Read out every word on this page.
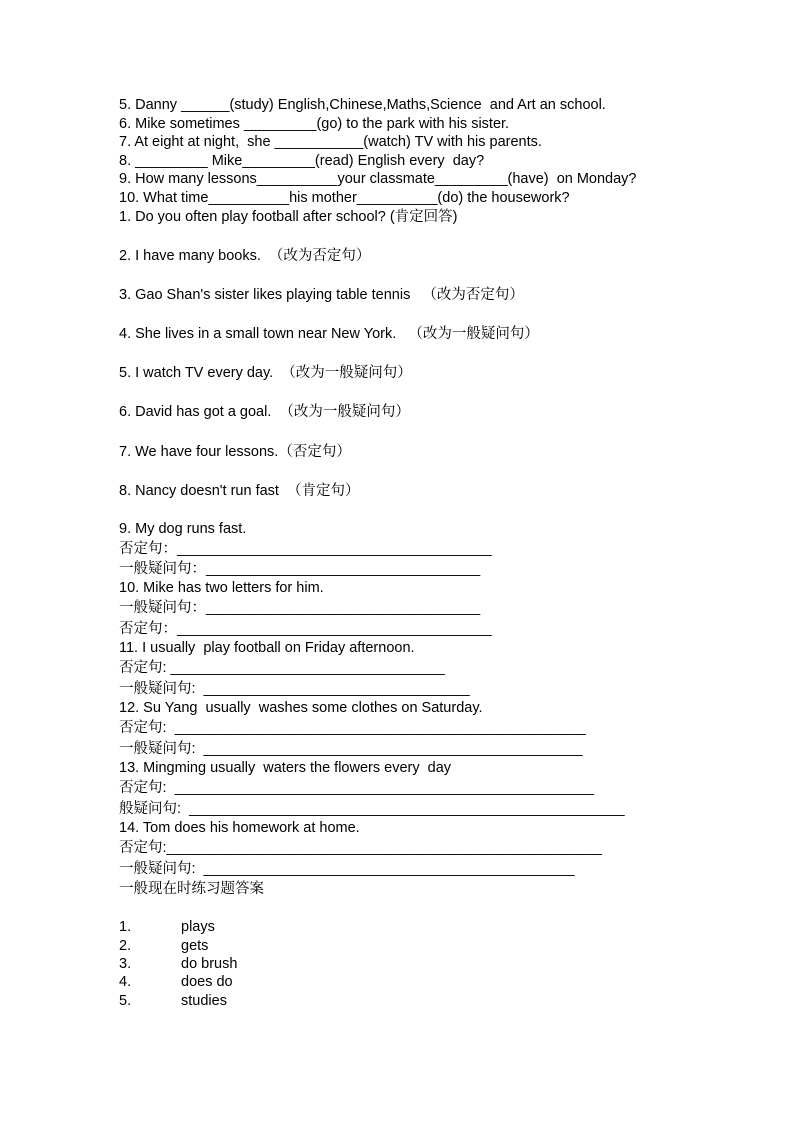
5. Danny ______(study) English,Chinese,Maths,Science  and Art an school.
6. Mike sometimes _________(go) to the park with his sister.
7. At eight at night,  she ___________(watch) TV with his parents.
8. _________ Mike_________(read) English every  day?
9. How many lessons__________your classmate_________(have)  on Monday?
10. What time__________his mother__________(do) the housework?
1. Do you often play football after school? (肯定回答)
2. I have many books.  （改为否定句）
3. Gao Shan's sister likes playing table tennis   （改为否定句）
4. She lives in a small town near New York.   （改为一般疑问句）
5. I watch TV every day.  （改为一般疑问句）
6. David has got a goal.  （改为一般疑问句）
7. We have four lessons.（否定句）
8. Nancy doesn't run fast  （肯定句）
9. My dog runs fast.
否定句：_______________________________________
一般疑问句：__________________________________
10. Mike has two letters for him.
一般疑问句：__________________________________
否定句：_______________________________________
11. I usually  play football on Friday afternoon.
否定句: __________________________________
一般疑问句:  _________________________________
12. Su Yang  usually  washes some clothes on Saturday.
否定句:  ___________________________________________________
一般疑问句:  _______________________________________________
13. Mingming usually  waters the flowers every  day
否定句:  ____________________________________________________
般疑问句:  ______________________________________________________
14. Tom does his homework at home.
否定句:______________________________________________________
一般疑问句:  ______________________________________________
一般现在时练习题答案
1.	plays
2.	gets
3.	do brush
4.	does do
5.	studies
